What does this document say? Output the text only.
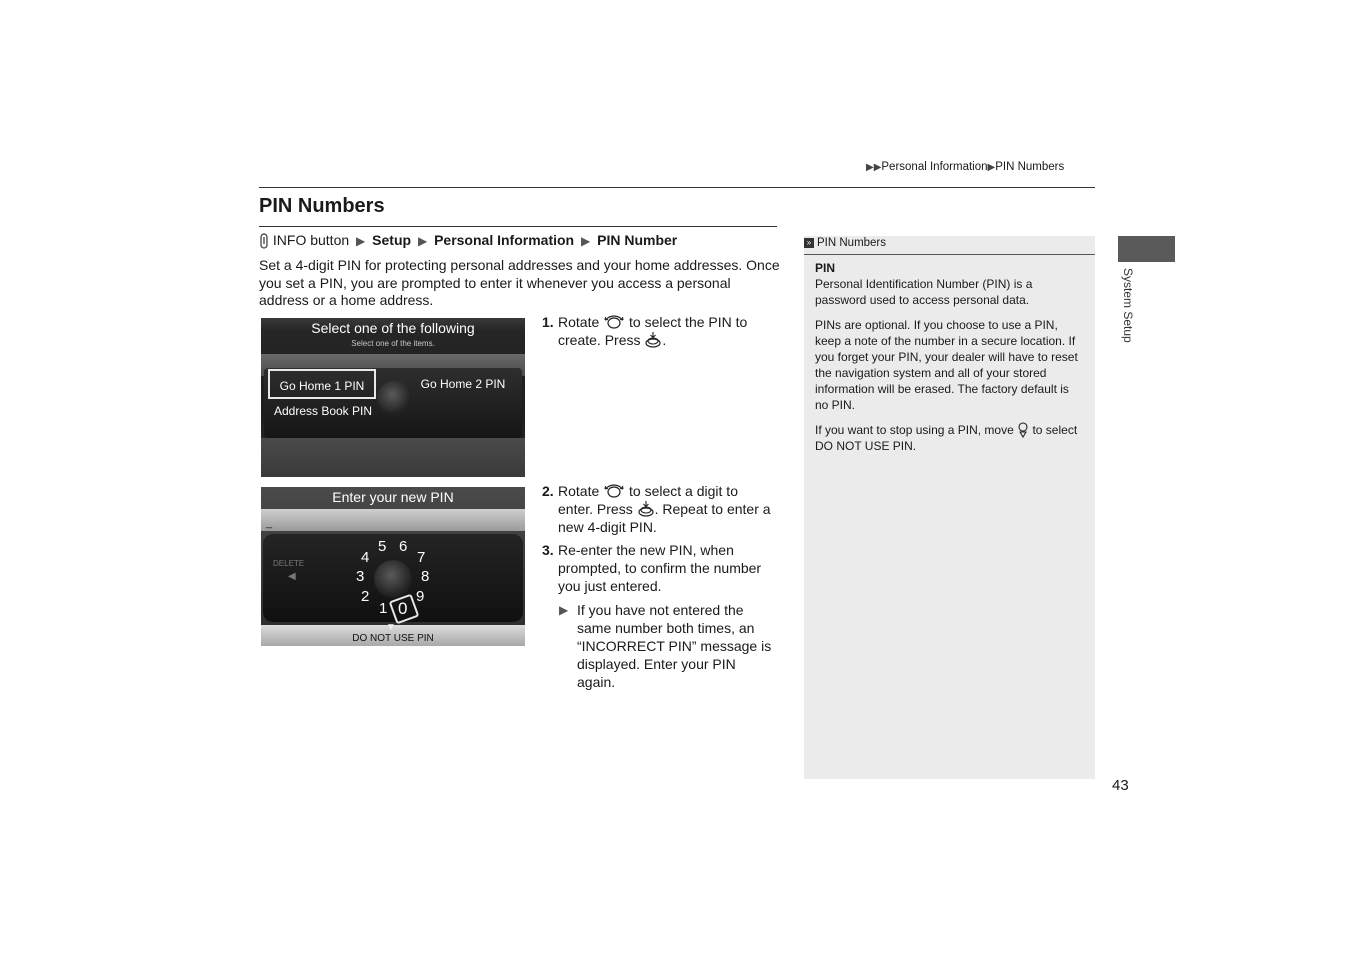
▶▶Personal Information▶PIN Numbers
PIN Numbers
INFO button ▶ Setup ▶ Personal Information ▶ PIN Number

Set a 4-digit PIN for protecting personal addresses and your home addresses. Once you set a PIN, you are prompted to enter it whenever you access a personal address or a home address.

Select one of the following
Select one of the items.
Go Home 1 PIN	Go Home 2 PIN
Address Book PIN
Enter your new PIN
_
DELETE
◀
5 6
4	7
3	8
2	9
1 0
▼
DO NOT USE PIN
1. Rotate to select the PIN to create. Press .
2. Rotate to select a digit to enter. Press . Repeat to enter a new 4-digit PIN.
3. Re-enter the new PIN, when prompted, to confirm the number you just entered.
▶ If you have not entered the same number both times, an “INCORRECT PIN” message is displayed. Enter your PIN again.
» PIN Numbers

PIN
Personal Identification Number (PIN) is a password used to access personal data.

PINs are optional. If you choose to use a PIN, keep a note of the number in a secure location. If you forget your PIN, your dealer will have to reset the navigation system and all of your stored information will be erased. The factory default is no PIN.

If you want to stop using a PIN, move to select DO NOT USE PIN.

System Setup
43
